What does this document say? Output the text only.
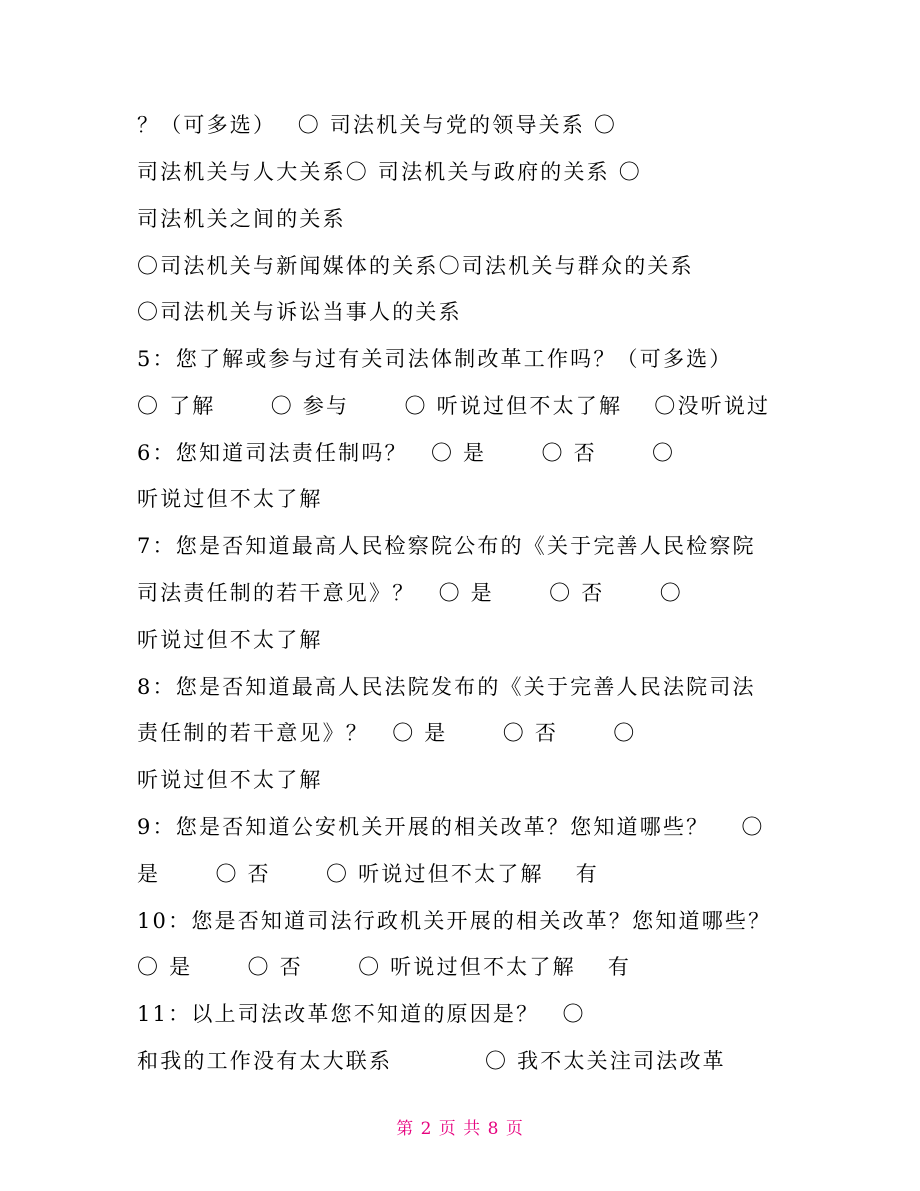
？（可多选）　 〇 司法机关与党的领导关系 〇
司法机关与人大关系〇 司法机关与政府的关系 〇
司法机关之间的关系
〇司法机关与新闻媒体的关系〇司法机关与群众的关系
〇司法机关与诉讼当事人的关系
5：您了解或参与过有关司法体制改革工作吗？（可多选）
〇 了解　　 〇 参与　　 〇 听说过但不太了解　 〇没听说过
6：您知道司法责任制吗？　〇 是　　 〇 否　　 〇
听说过但不太了解
7：您是否知道最高人民检察院公布的《关于完善人民检察院
司法责任制的若干意见》？　〇 是　　 〇 否　　 〇
听说过但不太了解
8：您是否知道最高人民法院发布的《关于完善人民法院司法
责任制的若干意见》？　〇 是　　 〇 否　　 〇
听说过但不太了解
9：您是否知道公安机关开展的相关改革？您知道哪些？　 〇
是　　 〇 否　　 〇 听说过但不太了解　 有
10：您是否知道司法行政机关开展的相关改革？您知道哪些？
〇 是　　 〇 否　　 〇 听说过但不太了解　 有
11：以上司法改革您不知道的原因是？　〇
和我的工作没有太大联系　　　　〇 我不太关注司法改革
第 2 页 共 8 页
